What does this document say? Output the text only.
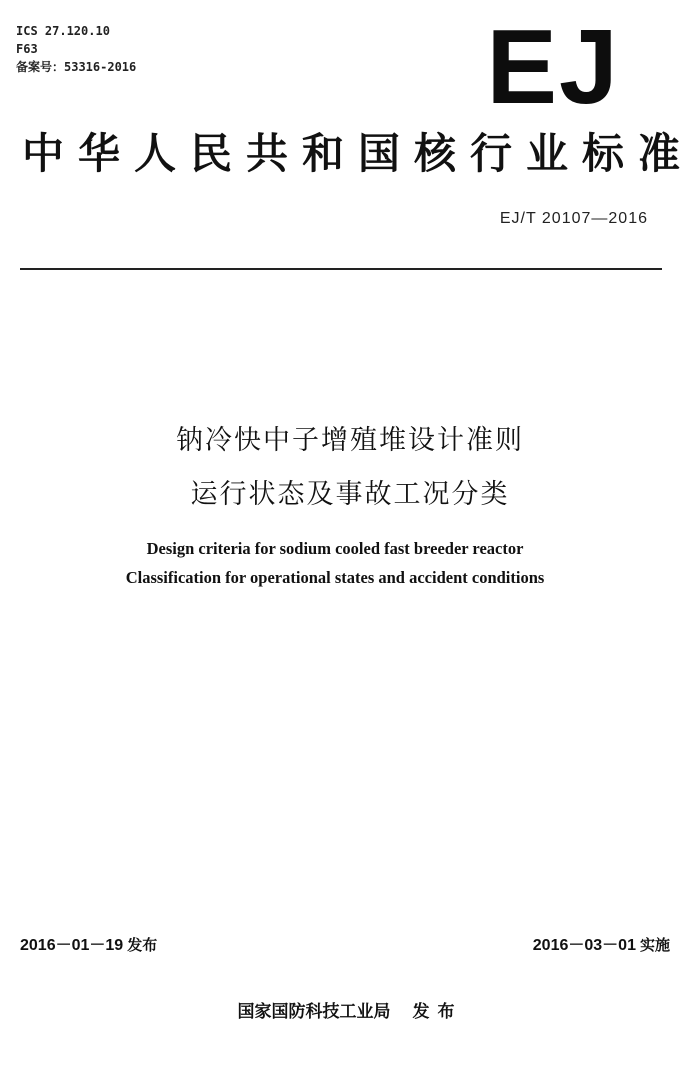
ICS 27.120.10
F63
备案号：53316-2016	EJ
中华人民共和国核行业标准
EJ/T 20107—2016
钠冷快中子增殖堆设计准则
运行状态及事故工况分类
Design criteria for sodium cooled fast breeder reactor
Classification for operational states and accident conditions
2016－01－19 发布	2016－03－01 实施
国家国防科技工业局 发布
